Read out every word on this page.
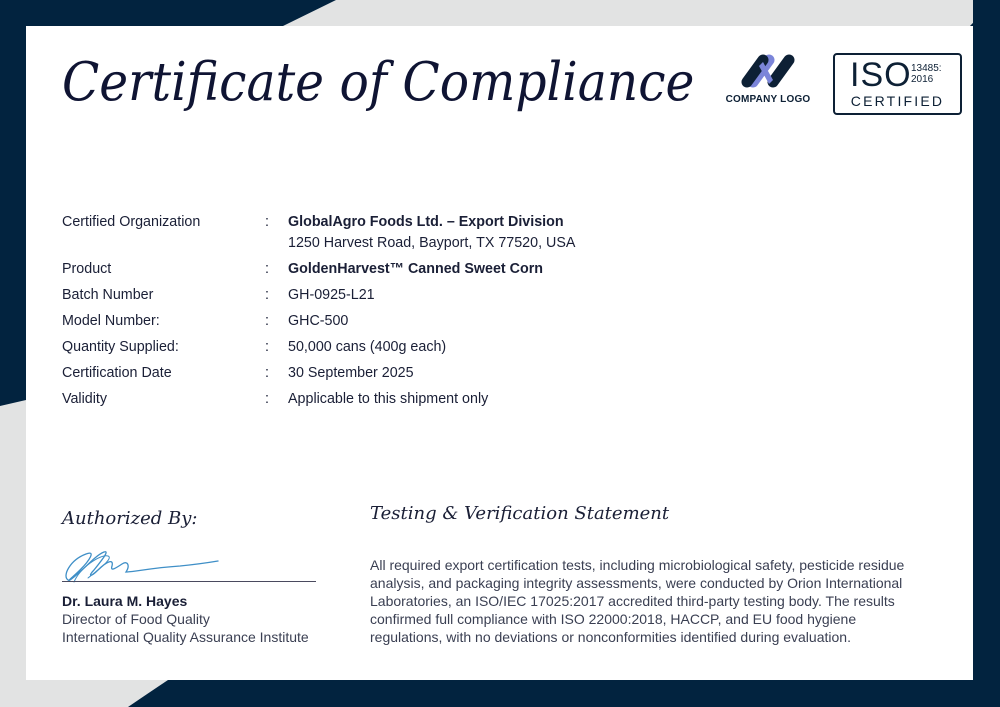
Certificate of Compliance	COMPANY LOGO
ISO 13485:
2016
CERTIFIED
Certified Organization	: GlobalAgro Foods Ltd. – Export Division
1250 Harvest Road, Bayport, TX 77520, USA
Product	: GoldenHarvest™ Canned Sweet Corn
Batch Number	: GH-0925-L21
Model Number:	: GHC-500
Quantity Supplied:	: 50,000 cans (400g each)
Certification Date	: 30 September 2025
Validity	: Applicable to this shipment only
Authorized By:
Dr. Laura M. Hayes
Director of Food Quality
International Quality Assurance Institute
Testing & Verification Statement
All required export certification tests, including microbiological safety, pesticide residue
analysis, and packaging integrity assessments, were conducted by Orion International
Laboratories, an ISO/IEC 17025:2017 accredited third-party testing body. The results
confirmed full compliance with ISO 22000:2018, HACCP, and EU food hygiene
regulations, with no deviations or nonconformities identified during evaluation.
